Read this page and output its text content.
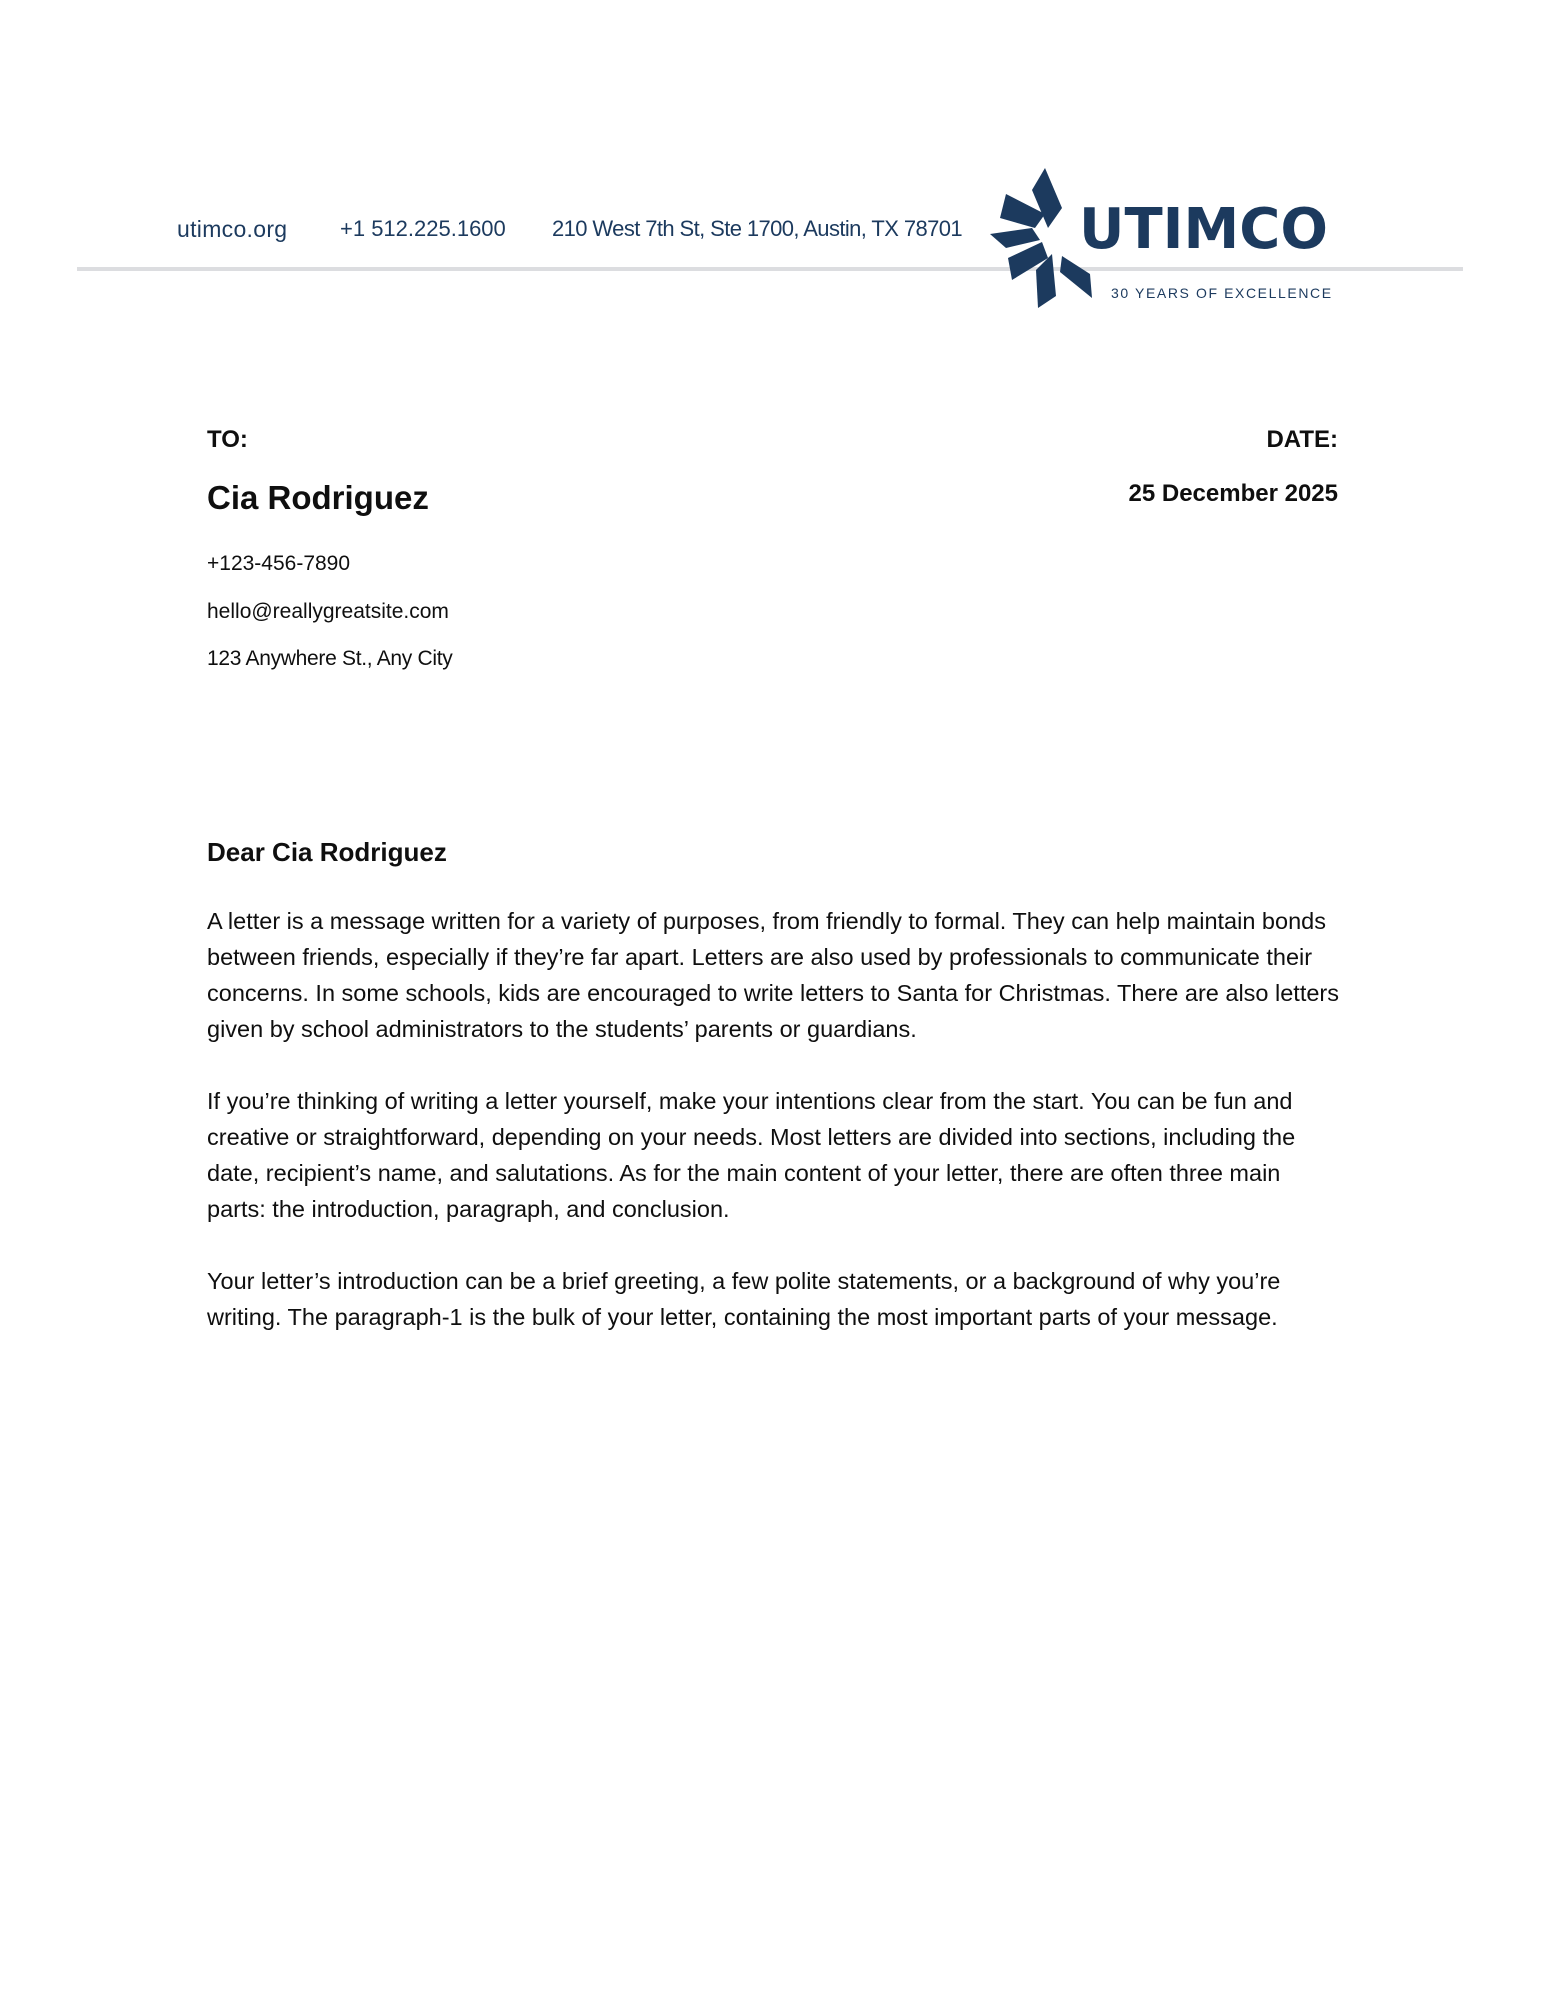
utimco.org +1 512.225.1600 210 West 7th St, Ste 1700, Austin, TX 78701 UTIMCO
30 YEARS OF EXCELLENCE
TO:	DATE:
Cia Rodriguez	25 December 2025
+123-456-7890
hello@reallygreatsite.com
123 Anywhere St., Any City
Dear Cia Rodriguez

A letter is a message written for a variety of purposes, from friendly to formal. They can help maintain bonds between friends, especially if they’re far apart. Letters are also used by professionals to communicate their concerns. In some schools, kids are encouraged to write letters to Santa for Christmas. There are also letters given by school administrators to the students’ parents or guardians.

If you’re thinking of writing a letter yourself, make your intentions clear from the start. You can be fun and creative or straightforward, depending on your needs. Most letters are divided into sections, including the date, recipient’s name, and salutations. As for the main content of your letter, there are often three main parts: the introduction, paragraph, and conclusion.

Your letter’s introduction can be a brief greeting, a few polite statements, or a background of why you’re writing. The paragraph-1 is the bulk of your letter, containing the most important parts of your message.
